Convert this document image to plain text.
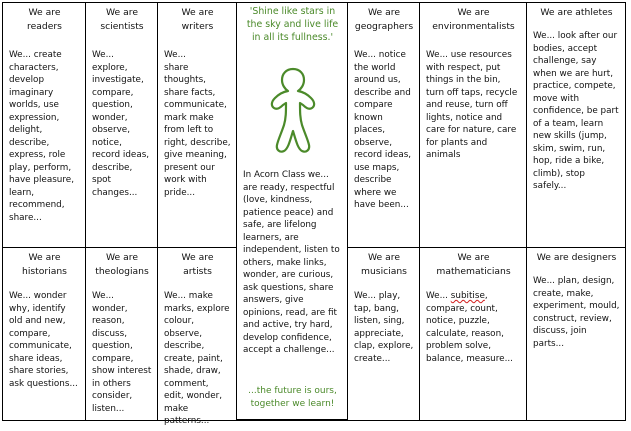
We are
readers
We... create characters, develop imaginary worlds, use expression, delight, describe, express, role play, perform, have pleasure, learn, recommend, share...
We are
scientists
We... explore, investigate, compare, question, wonder, observe, notice, record ideas, describe, spot changes...
We are
writers
We...
share thoughts, share facts, communicate, mark make from left to right, describe, give meaning, present our work with pride...
'Shine like stars in the sky and live life in all its fullness.'
In Acorn Class we... are ready, respectful (love, kindness, patience peace) and safe, are lifelong learners, are independent, listen to others, make links, wonder, are curious, ask questions, share answers, give opinions, read, are fit and active, try hard, develop confidence, accept a challenge...
...the future is ours, together we learn!
We are
geographers
We... notice the world around us, describe and compare known places, observe, record ideas, use maps, describe where we have been...
We are
environmentalists
We... use resources with respect, put things in the bin, turn off taps, recycle and reuse, turn off lights, notice and care for nature, care for plants and animals
We are athletes
We... look after our bodies, accept challenge, say when we are hurt, practice, compete, move with confidence, be part of a team, learn new skills (jump, skim, swim, run, hop, ride a bike, climb), stop safely...
We are
historians
We... wonder why, identify old and new, compare, communicate, share ideas, share stories, ask questions...
We are
theologians
We... wonder, reason, discuss, question, compare, show interest in others consider, listen...
We are
artists
We... make marks, explore colour, observe, describe, create, paint, shade, draw, comment, edit, wonder, make patterns...
We are
musicians
We... play, tap, bang, listen, sing, appreciate, clap, explore, create...
We are
mathematicians
We... subitise, compare, count, notice, puzzle, calculate, reason, problem solve, balance, measure...
We are designers
We... plan, design, create, make, experiment, mould, construct, review, discuss, join parts...
